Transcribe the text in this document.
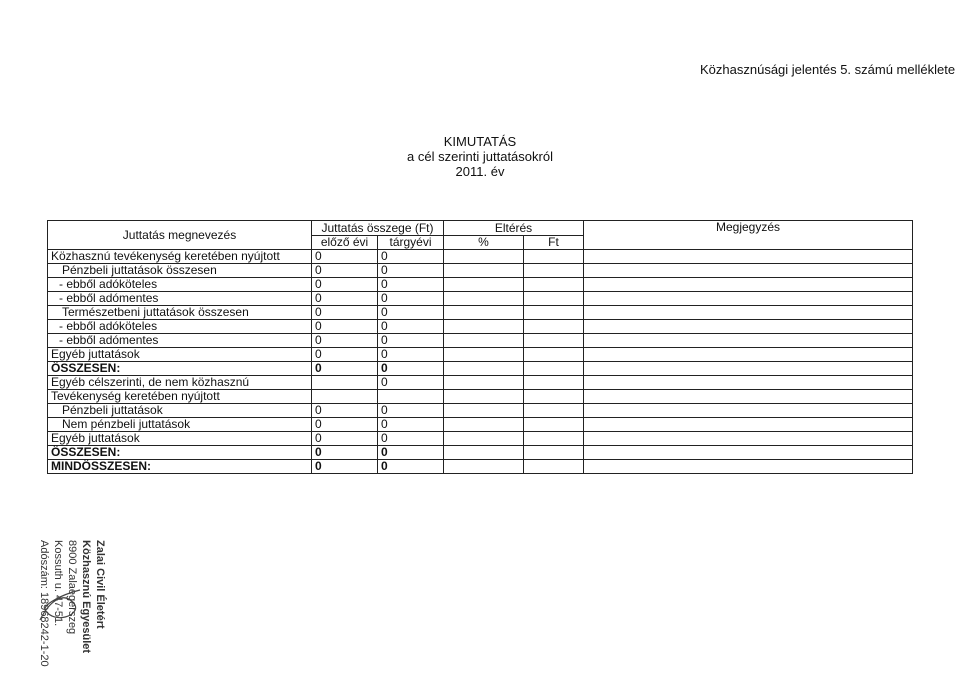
Közhasznúsági jelentés 5. számú melléklete
KIMUTATÁS
a cél szerinti juttatásokról
2011. év
Juttatás megnevezés	Juttatás összege (Ft)		Eltérés		Megjegyzés
	előző évi	tárgyévi	%	Ft	
Közhasznú tevékenység keretében nyújtott	0	0			
Pénzbeli juttatások összesen	0	0			
- ebből adóköteles	0	0			
- ebből adómentes	0	0			
Természetbeni juttatások összesen	0	0			
- ebből adóköteles	0	0			
- ebből adómentes	0	0			
Egyéb juttatások	0	0			
ÖSSZESEN:	0	0			
Egyéb célszerinti, de nem közhasznú		0			
Tevékenység keretében nyújtott					
Pénzbeli juttatások	0	0			
Nem pénzbeli juttatások	0	0			
Egyéb juttatások	0	0			
ÖSSZESEN:	0	0			
MINDÖSSZESEN:	0	0			
Zalai Civil Életért
Közhasznú Egyesület
8900 Zalaegerszeg
Kossuth u. 47-51.
Adószám: 18968242-1-20
